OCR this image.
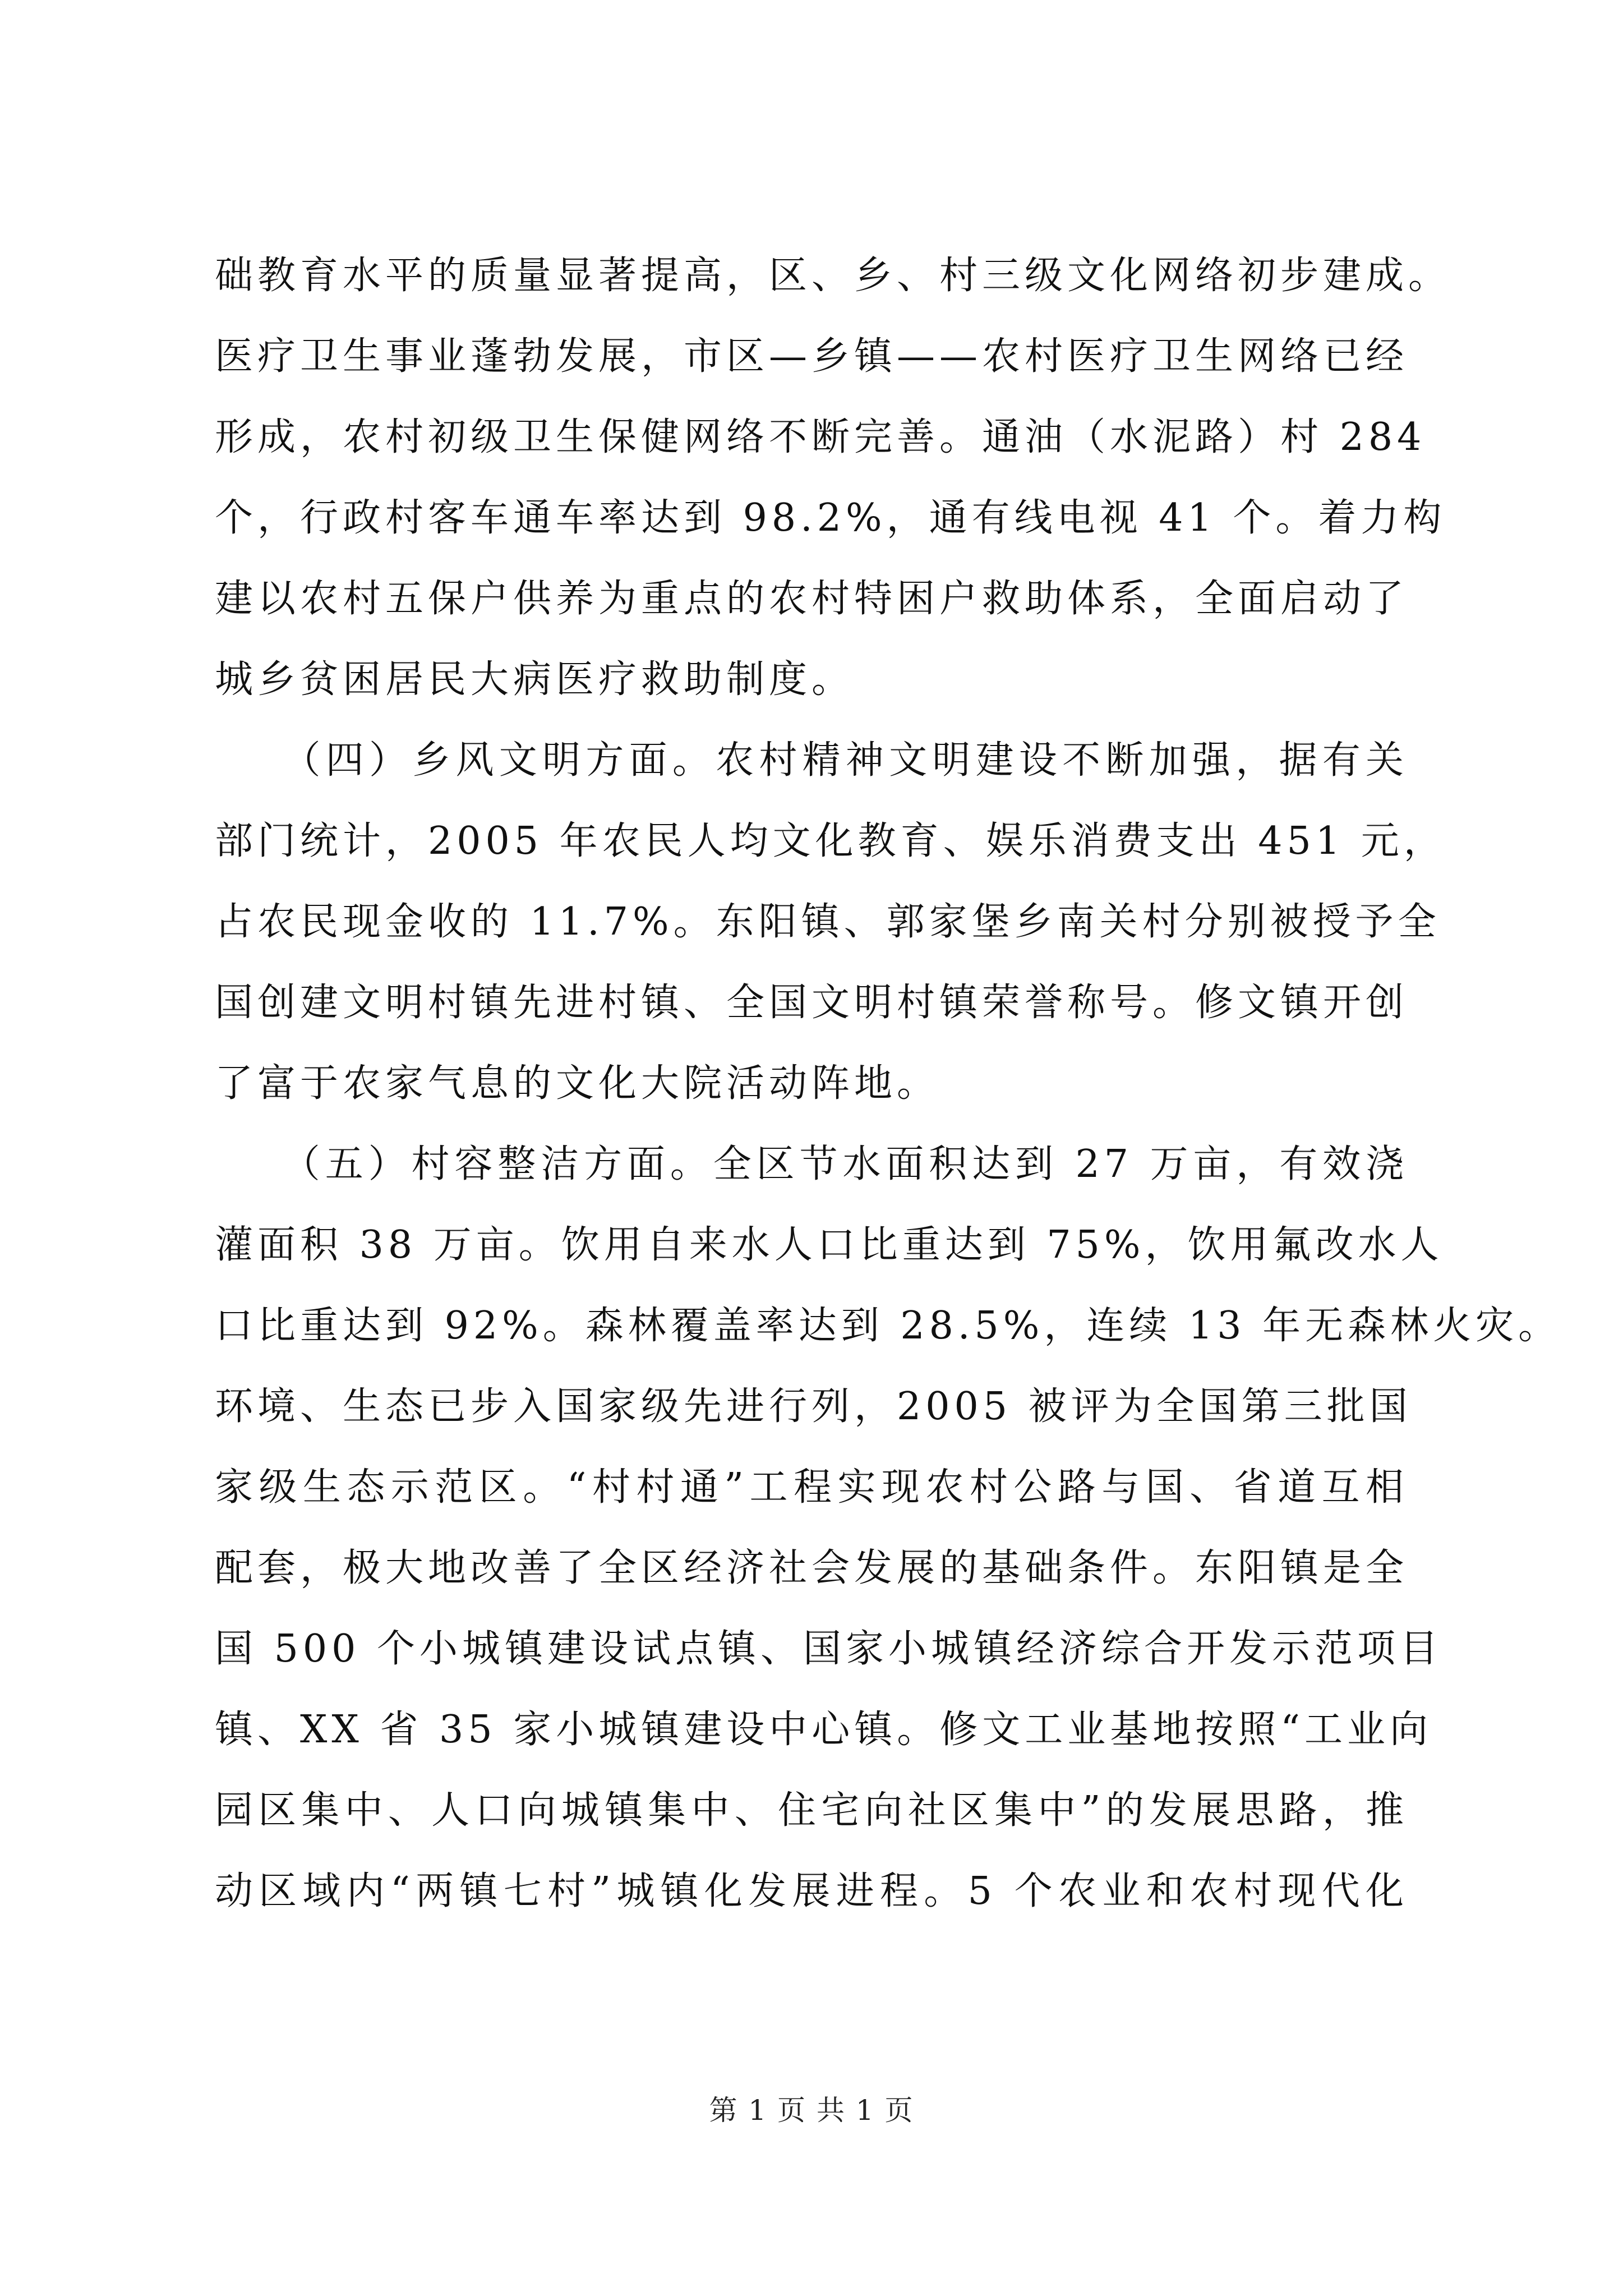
础教育水平的质量显著提高，区、乡、村三级文化网络初步建成。
医疗卫生事业蓬勃发展，市区—乡镇——农村医疗卫生网络已经
形成，农村初级卫生保健网络不断完善。通油（水泥路）村 284
个，行政村客车通车率达到 98.2%，通有线电视 41 个。着力构
建以农村五保户供养为重点的农村特困户救助体系，全面启动了
城乡贫困居民大病医疗救助制度。
　　（四）乡风文明方面。农村精神文明建设不断加强，据有关
部门统计，2005 年农民人均文化教育、娱乐消费支出 451 元，
占农民现金收的 11.7%。东阳镇、郭家堡乡南关村分别被授予全
国创建文明村镇先进村镇、全国文明村镇荣誉称号。修文镇开创
了富于农家气息的文化大院活动阵地。
　　（五）村容整洁方面。全区节水面积达到 27 万亩，有效浇
灌面积 38 万亩。饮用自来水人口比重达到 75%，饮用氟改水人
口比重达到 92%。森林覆盖率达到 28.5%，连续 13 年无森林火灾。
环境、生态已步入国家级先进行列，2005 被评为全国第三批国
家级生态示范区。“村村通”工程实现农村公路与国、省道互相
配套，极大地改善了全区经济社会发展的基础条件。东阳镇是全
国 500 个小城镇建设试点镇、国家小城镇经济综合开发示范项目
镇、XX 省 35 家小城镇建设中心镇。修文工业基地按照“工业向
园区集中、人口向城镇集中、住宅向社区集中”的发展思路，推
动区域内“两镇七村”城镇化发展进程。5 个农业和农村现代化
第 1 页 共 1 页
